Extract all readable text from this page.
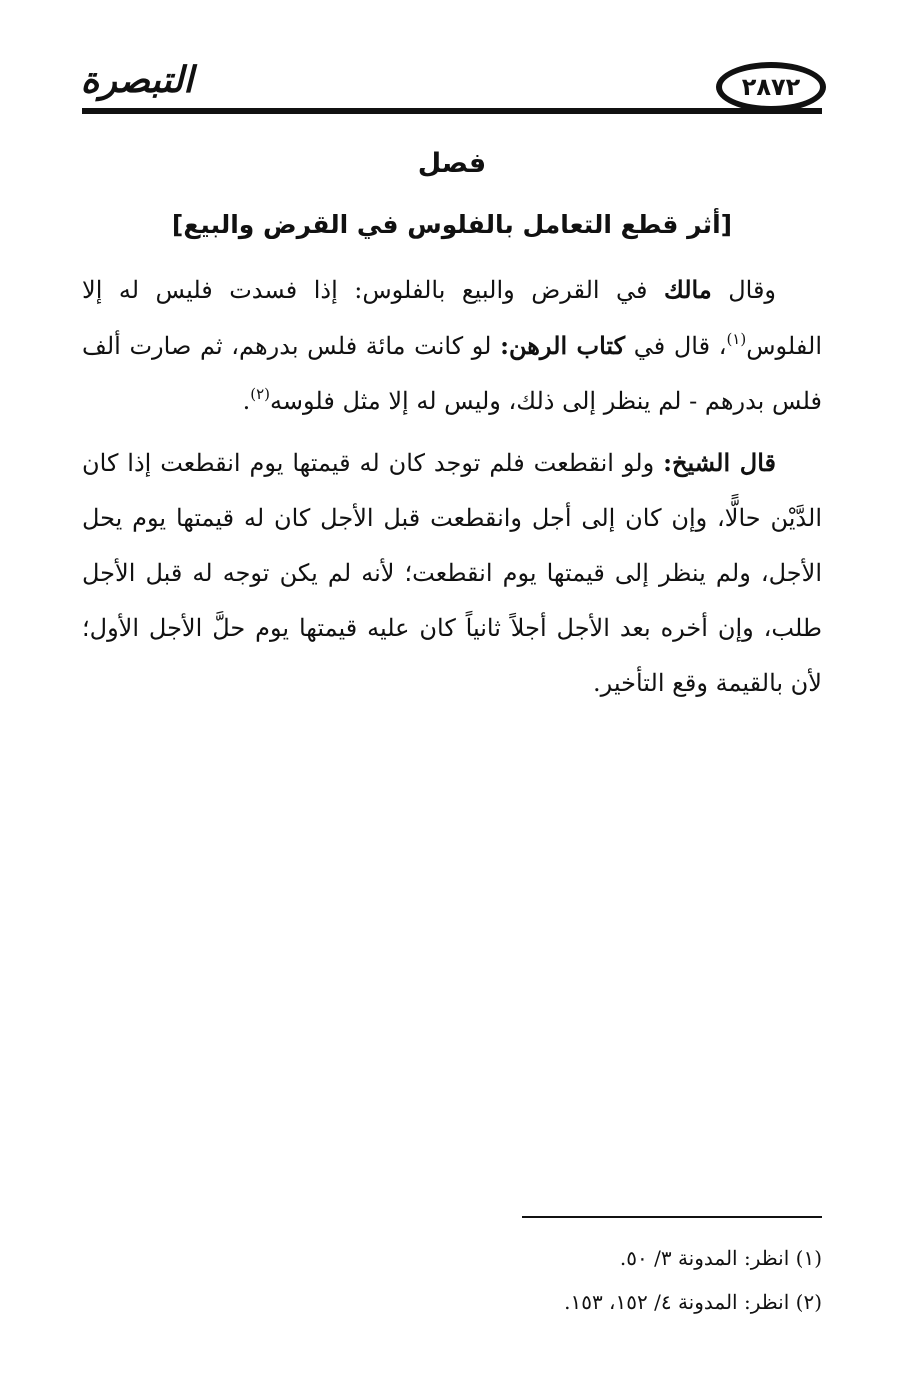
٢٨٧٢
التبصرة
فصل
[أثر قطع التعامل بالفلوس في القرض والبيع]

وقال مالك في القرض والبيع بالفلوس: إذا فسدت فليس له إلا الفلوس$^{(١)}$، قال في كتاب الرهن: لو كانت مائة فلس بدرهم، ثم صارت ألف فلس بدرهم - لم ينظر إلى ذلك، وليس له إلا مثل فلوسه$^{(٢)}$.

قال الشيخ: ولو انقطعت فلم توجد كان له قيمتها يوم انقطعت إذا كان الدَّيْن حالًّا، وإن كان إلى أجل وانقطعت قبل الأجل كان له قيمتها يوم يحل الأجل، ولم ينظر إلى قيمتها يوم انقطعت؛ لأنه لم يكن توجه له قبل الأجل طلب، وإن أخره بعد الأجل أجلاً ثانياً كان عليه قيمتها يوم حلَّ الأجل الأول؛ لأن بالقيمة وقع التأخير.

(١) انظر: المدونة ٣/ ٥٠.

(٢) انظر: المدونة ٤/ ١٥٢، ١٥٣.
